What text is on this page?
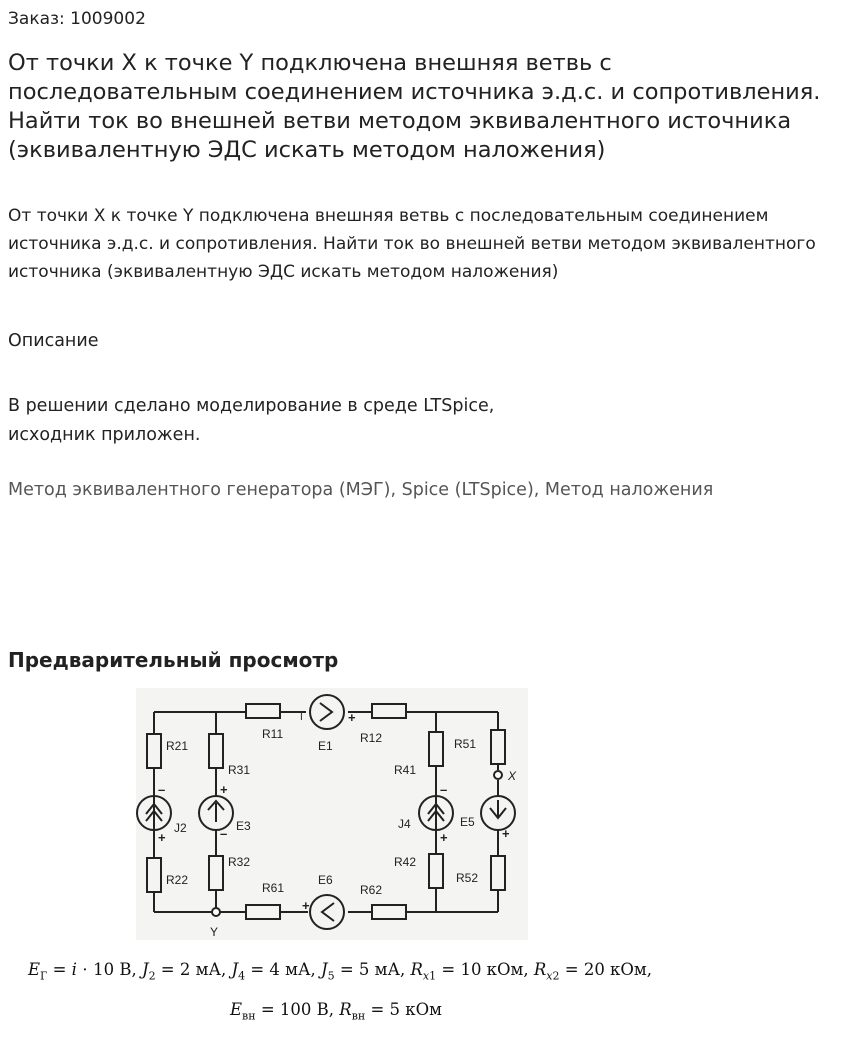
Заказ: 1009002
От точки X к точке Y подключена внешняя ветвь с последовательным соединением источника э.д.с. и сопротивления. Найти ток во внешней ветви методом эквивалентного источника (эквивалентную ЭДС искать методом наложения)

От точки X к точке Y подключена внешняя ветвь с последовательным соединением источника э.д.с. и сопротивления. Найти ток во внешней ветви методом эквивалентного источника (эквивалентную ЭДС искать методом наложения)

Описание

В решении сделано моделирование в среде LTSpice,
исходник приложен.

Метод эквивалентного генератора (МЭГ), Spice (LTSpice), Метод наложения
Предварительный просмотр
R21
R31
R11
E1
R12
R41
R51
X
J2	E3	J4	E5
R22
R32
R61
E6
R62
R42
R52
Y
I	+
+
–
+
+
–
–
+	+
𝐸$_Г$ = 𝑖 ⋅ 10 В, 𝐽$_2$ = 2 мА, 𝐽$_4$ = 4 мА, 𝐽$_5$ = 5 мА, 𝑅$_{𝑥1}$ = 10 кОм, 𝑅$_{𝑥2}$ = 20 кОм,
𝐸$_{вн}$ = 100 В, 𝑅$_{вн}$ = 5 кОм
